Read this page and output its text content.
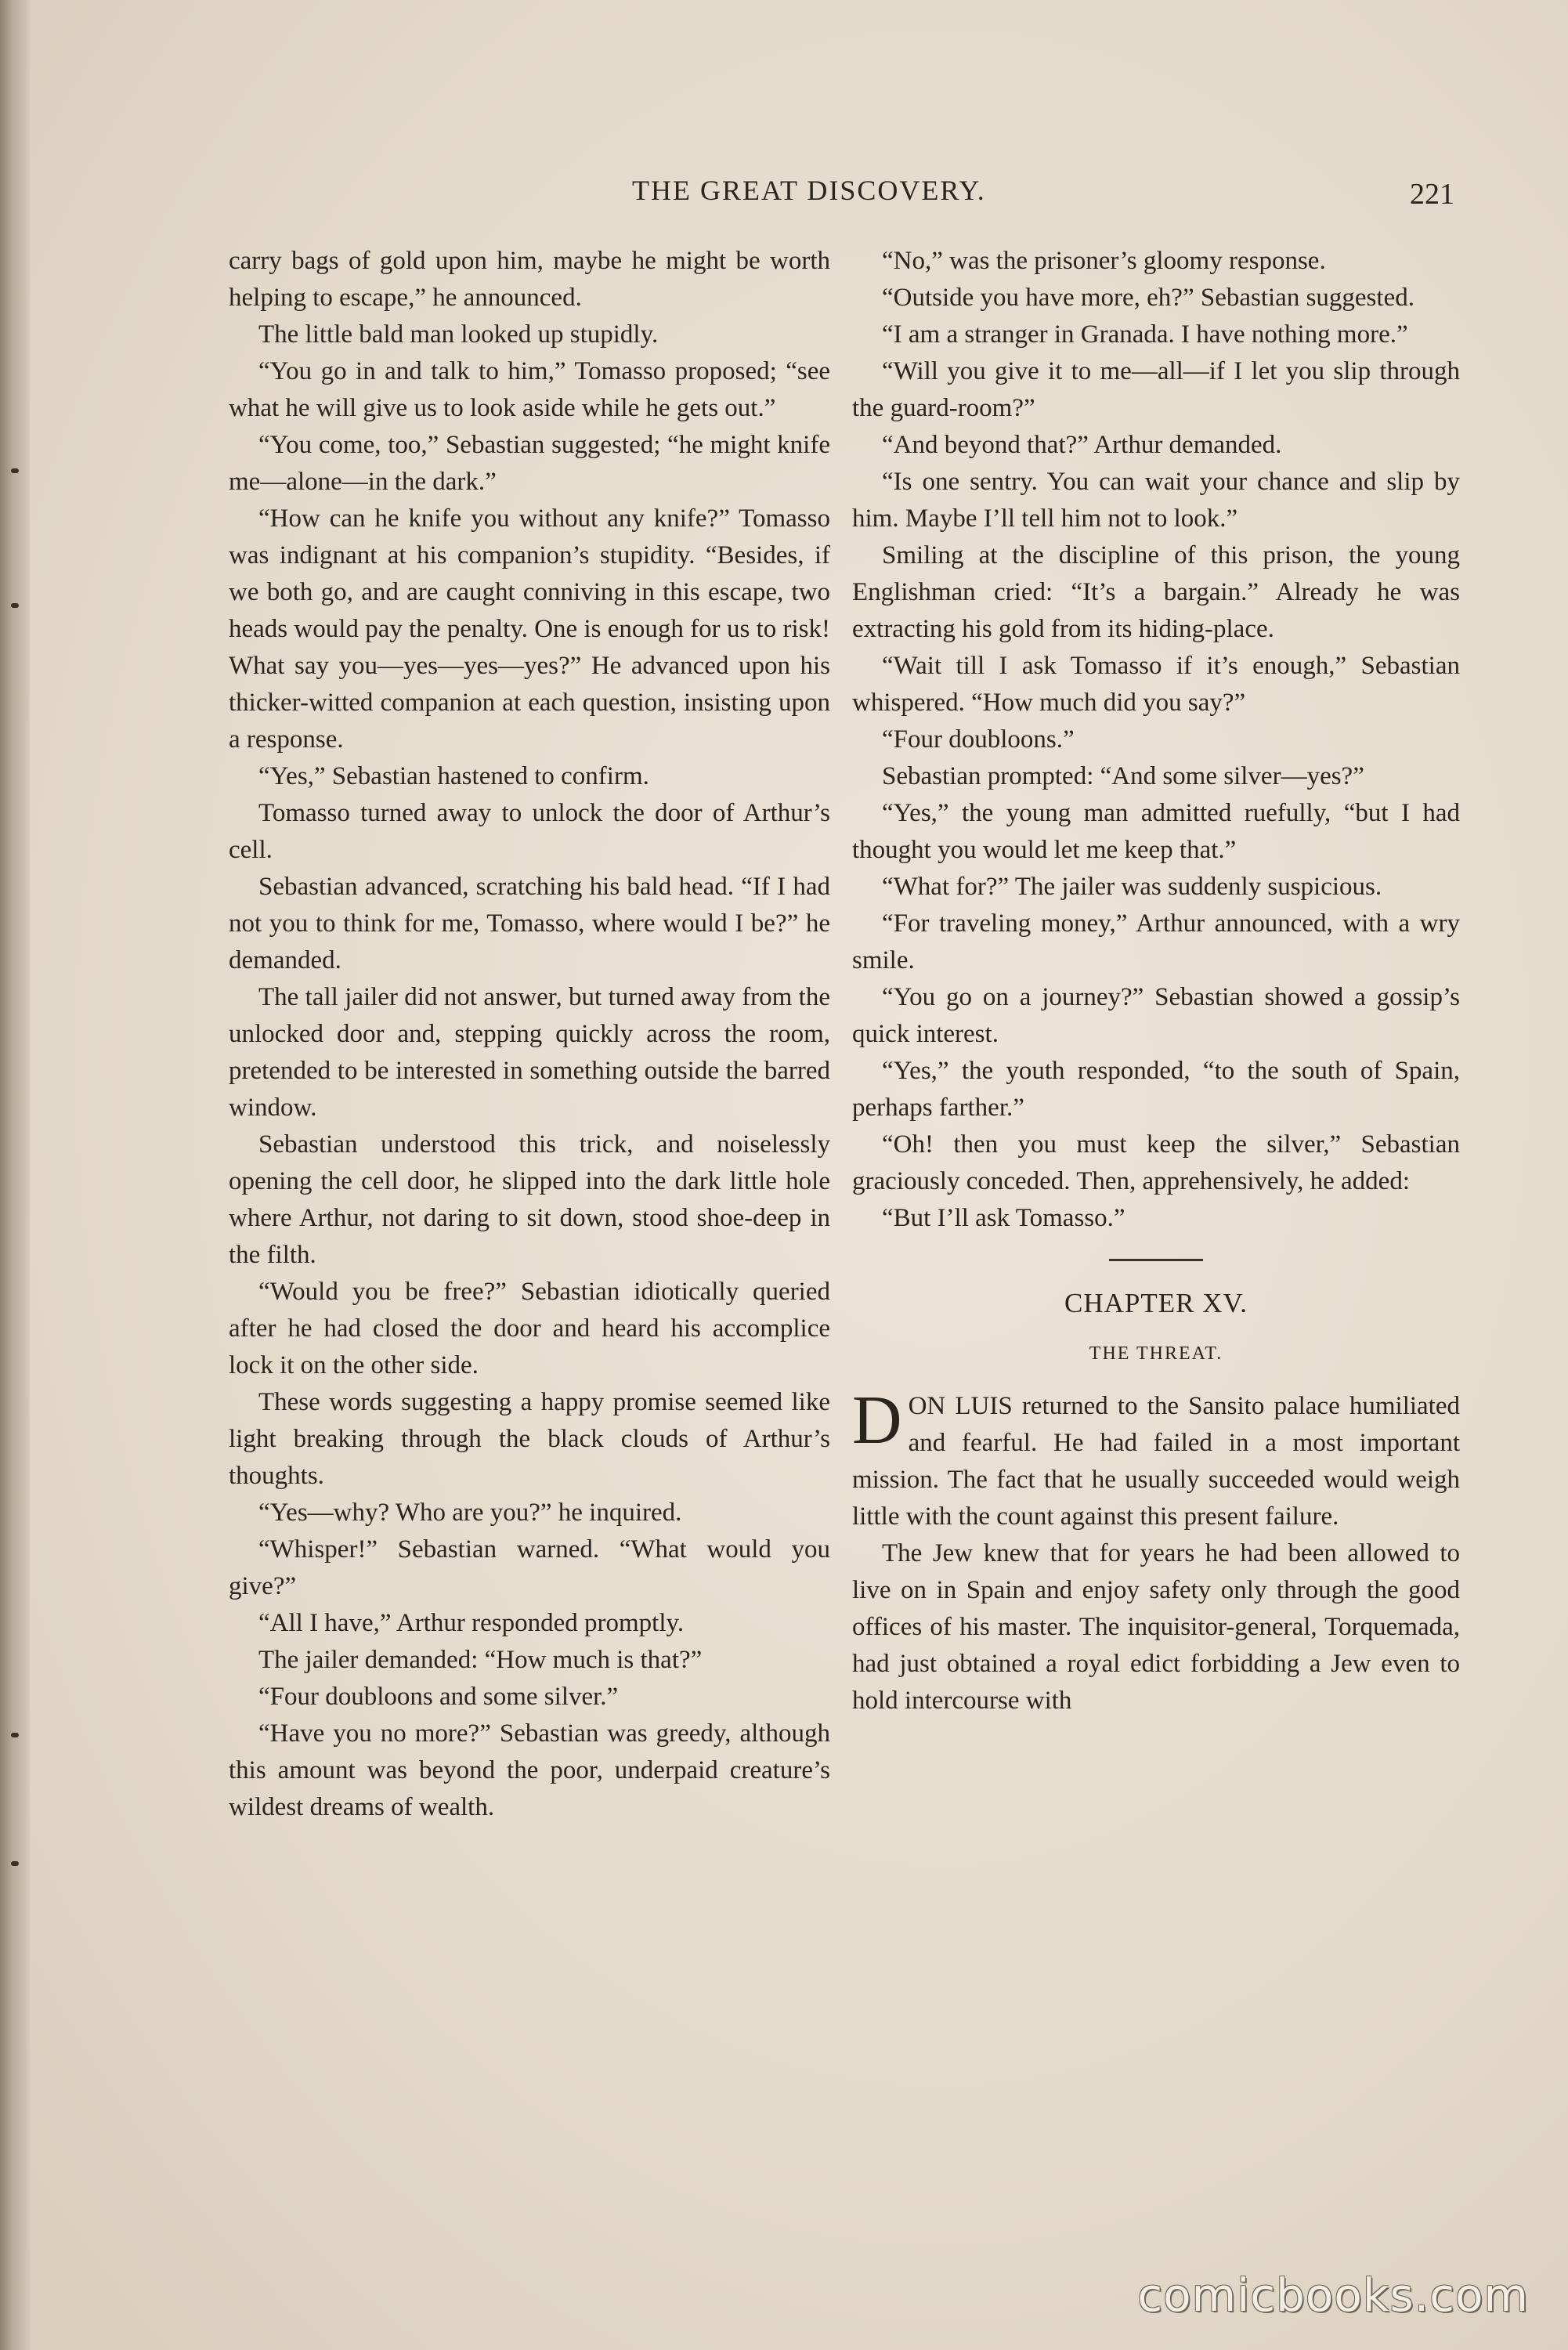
THE GREAT DISCOVERY.	221

carry bags of gold upon him, maybe he might be worth helping to escape,” he announced.

The little bald man looked up stupidly.

“You go in and talk to him,” Tomasso proposed; “see what he will give us to look aside while he gets out.”

“You come, too,” Sebastian suggested; “he might knife me—alone—in the dark.”

“How can he knife you without any knife?” Tomasso was indignant at his companion’s stupidity. “Besides, if we both go, and are caught conniving in this escape, two heads would pay the penalty. One is enough for us to risk! What say you—yes—yes—yes?” He advanced upon his thicker-witted companion at each question, insisting upon a response.

“Yes,” Sebastian hastened to confirm.

Tomasso turned away to unlock the door of Arthur’s cell.

Sebastian advanced, scratching his bald head. “If I had not you to think for me, Tomasso, where would I be?” he demanded.

The tall jailer did not answer, but turned away from the unlocked door and, stepping quickly across the room, pretended to be interested in something outside the barred window.

Sebastian understood this trick, and noiselessly opening the cell door, he slipped into the dark little hole where Arthur, not daring to sit down, stood shoe-deep in the filth.

“Would you be free?” Sebastian idiotically queried after he had closed the door and heard his accomplice lock it on the other side.

These words suggesting a happy promise seemed like light breaking through the black clouds of Arthur’s thoughts.

“Yes—why? Who are you?” he inquired.

“Whisper!” Sebastian warned. “What would you give?”

“All I have,” Arthur responded promptly.

The jailer demanded: “How much is that?”

“Four doubloons and some silver.”

“Have you no more?” Sebastian was greedy, although this amount was beyond the poor, underpaid creature’s wildest dreams of wealth.

“No,” was the prisoner’s gloomy response.

“Outside you have more, eh?” Sebastian suggested.

“I am a stranger in Granada. I have nothing more.”

“Will you give it to me—all—if I let you slip through the guard-room?”

“And beyond that?” Arthur demanded.

“Is one sentry. You can wait your chance and slip by him. Maybe I’ll tell him not to look.”

Smiling at the discipline of this prison, the young Englishman cried: “It’s a bargain.” Already he was extracting his gold from its hiding-place.

“Wait till I ask Tomasso if it’s enough,” Sebastian whispered. “How much did you say?”

“Four doubloons.”

Sebastian prompted: “And some silver—yes?”

“Yes,” the young man admitted ruefully, “but I had thought you would let me keep that.”

“What for?” The jailer was suddenly suspicious.

“For traveling money,” Arthur announced, with a wry smile.

“You go on a journey?” Sebastian showed a gossip’s quick interest.

“Yes,” the youth responded, “to the south of Spain, perhaps farther.”

“Oh! then you must keep the silver,” Sebastian graciously conceded. Then, apprehensively, he added:

“But I’ll ask Tomasso.”

CHAPTER XV.
THE THREAT.

DON LUIS returned to the Sansito palace humiliated and fearful. He had failed in a most important mission. The fact that he usually succeeded would weigh little with the count against this present failure.

The Jew knew that for years he had been allowed to live on in Spain and enjoy safety only through the good offices of his master. The inquisitor-general, Torquemada, had just obtained a royal edict forbidding a Jew even to hold intercourse with

comicbooks.com
